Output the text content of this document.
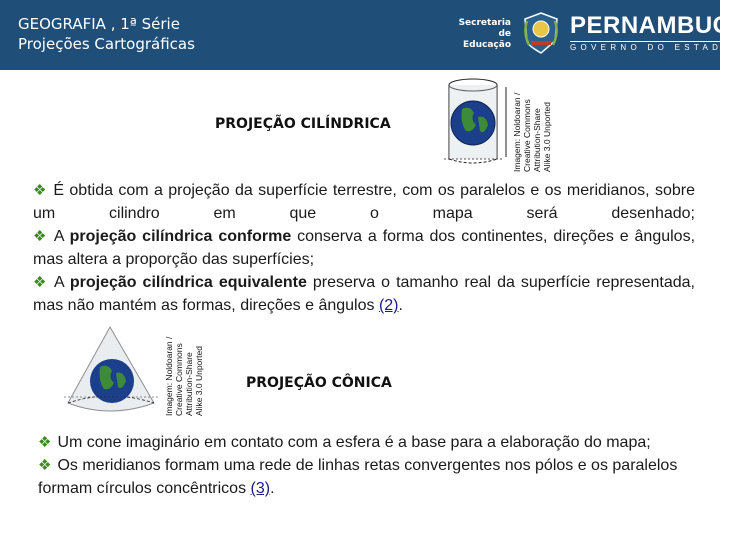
GEOGRAFIA , 1ª Série
Projeções Cartográficas
Secretaria de
Educação
PERNAMBUCO
GOVERNO DO ESTADO
PROJEÇÃO CILÍNDRICA	Imagem: Noldoaran / Creative Commons Attribution-Share Alike 3.0 Unported
❖ É obtida com a projeção da superfície terrestre, com os paralelos e os meridianos, sobre um cilindro em que o mapa será desenhado;
❖ A projeção cilíndrica conforme conserva a forma dos continentes, direções e ângulos, mas altera a proporção das superfícies;
❖ A projeção cilíndrica equivalente preserva o tamanho real da superfície representada, mas não mantém as formas, direções e ângulos (2).
Imagem: Noldoaran / Creative Commons Attribution-Share Alike 3.0 Unported	PROJEÇÃO CÔNICA
❖ Um cone imaginário em contato com a esfera é a base para a elaboração do mapa;
❖ Os meridianos formam uma rede de linhas retas convergentes nos pólos e os paralelos formam círculos concêntricos (3).
